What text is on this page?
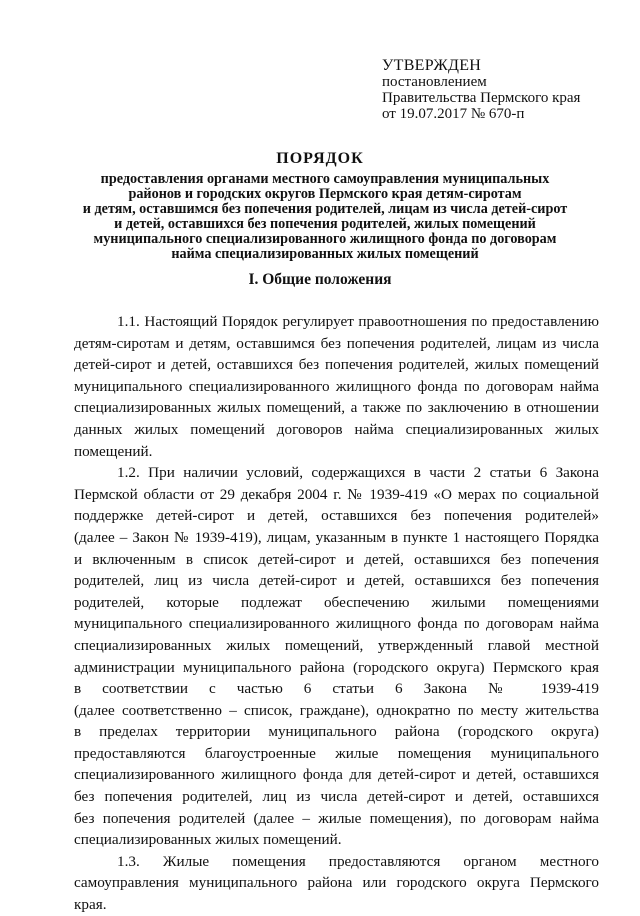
УТВЕРЖДЕН
постановлением
Правительства Пермского края
от 19.07.2017 № 670-п
ПОРЯДОК
предоставления органами местного самоуправления муниципальных
районов и городских округов Пермского края детям-сиротам
и детям, оставшимся без попечения родителей, лицам из числа детей-сирот
и детей, оставшихся без попечения родителей, жилых помещений
муниципального специализированного жилищного фонда по договорам
найма специализированных жилых помещений
I. Общие положения
1.1. Настоящий Порядок регулирует правоотношения по предоставлению
детям-сиротам и детям, оставшимся без попечения родителей, лицам из числа
детей-сирот и детей, оставшихся без попечения родителей, жилых помещений
муниципального специализированного жилищного фонда по договорам найма
специализированных жилых помещений, а также по заключению в отношении
данных жилых помещений договоров найма специализированных жилых
помещений.
1.2. При наличии условий, содержащихся в части 2 статьи 6 Закона
Пермской области от 29 декабря 2004 г. № 1939-419 «О мерах по социальной
поддержке детей-сирот и детей, оставшихся без попечения родителей»
(далее – Закон № 1939-419), лицам, указанным в пункте 1 настоящего Порядка
и включенным в список детей-сирот и детей, оставшихся без попечения
родителей, лиц из числа детей-сирот и детей, оставшихся без попечения
родителей, которые подлежат обеспечению жилыми помещениями
муниципального специализированного жилищного фонда по договорам найма
специализированных жилых помещений, утвержденный главой местной
администрации муниципального района (городского округа) Пермского края
в соответствии с частью 6 статьи 6 Закона № 1939-419
(далее соответственно – список, граждане), однократно по месту жительства
в пределах территории муниципального района (городского округа)
предоставляются благоустроенные жилые помещения муниципального
специализированного жилищного фонда для детей-сирот и детей, оставшихся
без попечения родителей, лиц из числа детей-сирот и детей, оставшихся
без попечения родителей (далее – жилые помещения), по договорам найма
специализированных жилых помещений.
1.3. Жилые помещения предоставляются органом местного
самоуправления муниципального района или городского округа Пермского
края.
